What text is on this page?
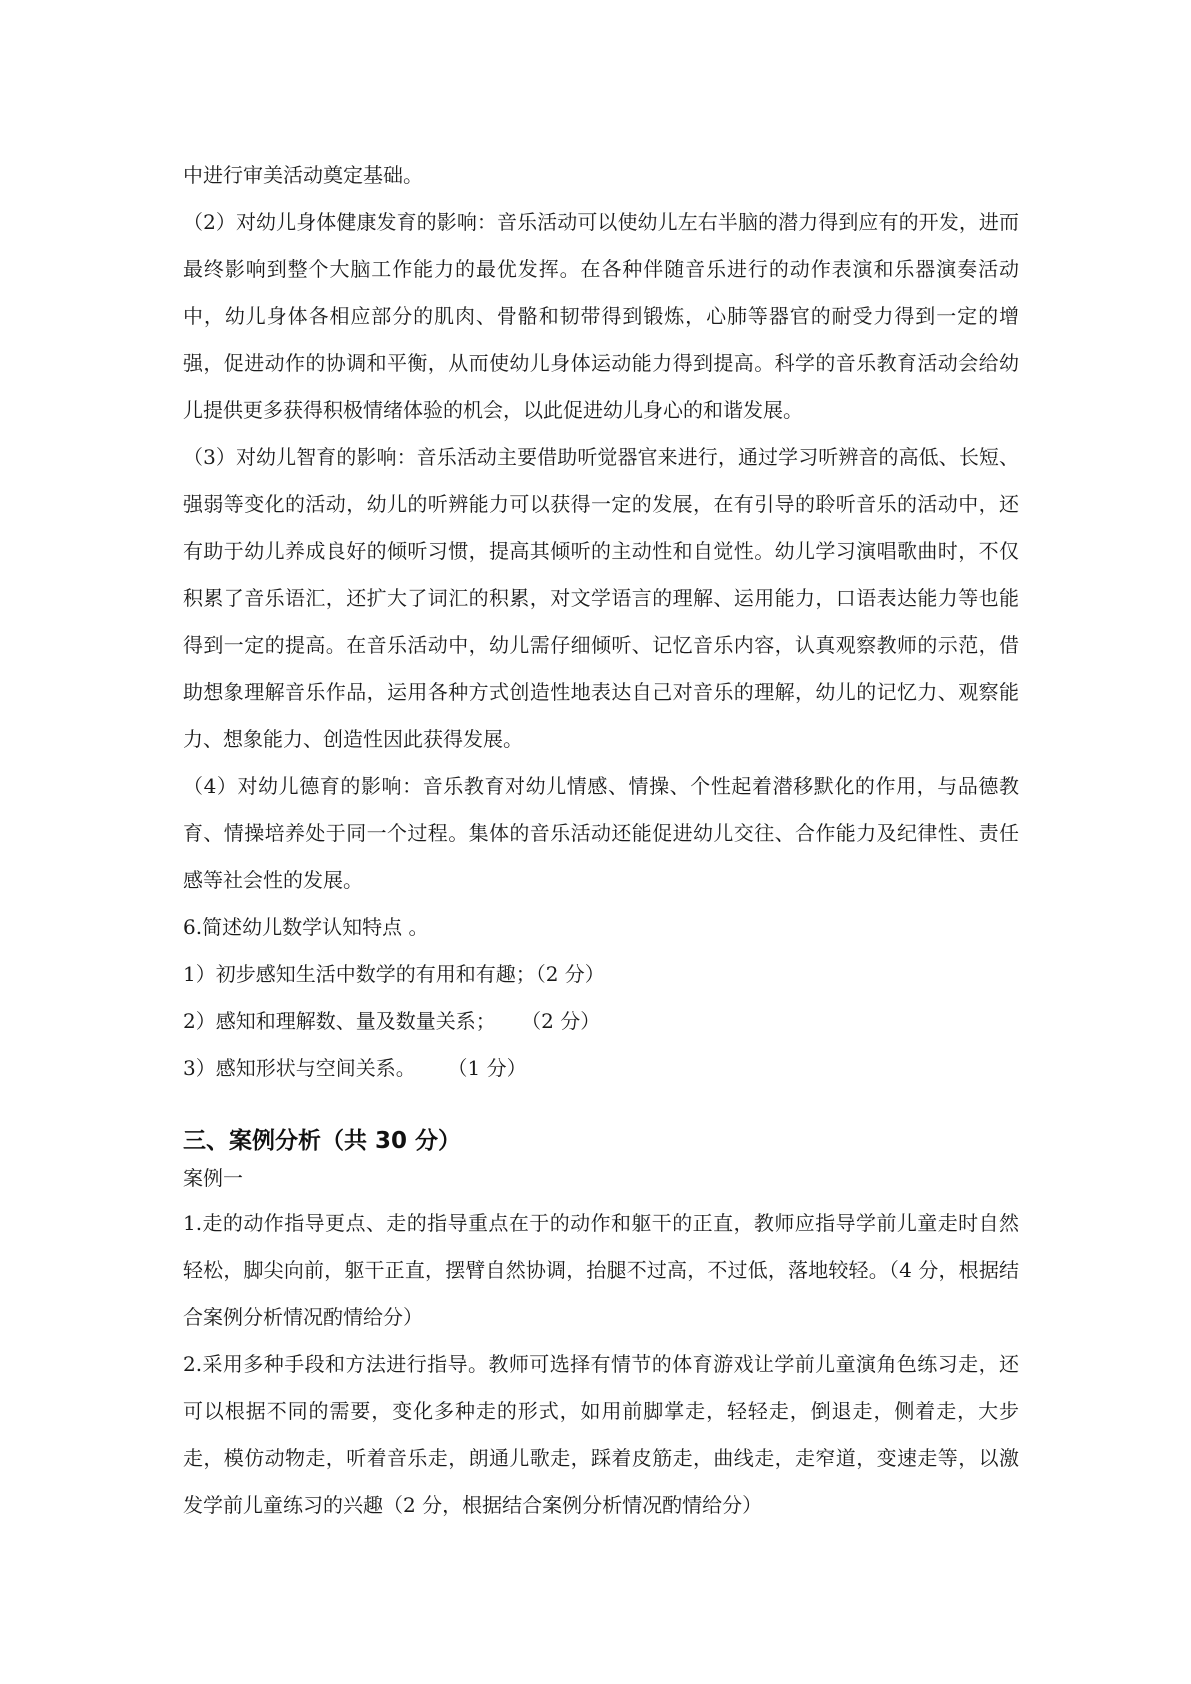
中进行审美活动奠定基础。

（2）对幼儿身体健康发育的影响：音乐活动可以使幼儿左右半脑的潜力得到应有的开发，进而最终影响到整个大脑工作能力的最优发挥。在各种伴随音乐进行的动作表演和乐器演奏活动中，幼儿身体各相应部分的肌肉、骨骼和韧带得到锻炼，心肺等器官的耐受力得到一定的增强，促进动作的协调和平衡，从而使幼儿身体运动能力得到提高。科学的音乐教育活动会给幼儿提供更多获得积极情绪体验的机会，以此促进幼儿身心的和谐发展。

（3）对幼儿智育的影响：音乐活动主要借助听觉器官来进行，通过学习听辨音的高低、长短、强弱等变化的活动，幼儿的听辨能力可以获得一定的发展，在有引导的聆听音乐的活动中，还有助于幼儿养成良好的倾听习惯，提高其倾听的主动性和自觉性。幼儿学习演唱歌曲时，不仅积累了音乐语汇，还扩大了词汇的积累，对文学语言的理解、运用能力，口语表达能力等也能得到一定的提高。在音乐活动中，幼儿需仔细倾听、记忆音乐内容，认真观察教师的示范，借助想象理解音乐作品，运用各种方式创造性地表达自己对音乐的理解，幼儿的记忆力、观察能力、想象能力、创造性因此获得发展。

（4）对幼儿德育的影响：音乐教育对幼儿情感、情操、个性起着潜移默化的作用，与品德教育、情操培养处于同一个过程。集体的音乐活动还能促进幼儿交往、合作能力及纪律性、责任感等社会性的发展。

6.简述幼儿数学认知特点 。

1）初步感知生活中数学的有用和有趣；（2 分）

2）感知和理解数、量及数量关系；    （2 分）

3）感知形状与空间关系。     （1 分）

三、案例分析（共 30 分）

案例一

1.走的动作指导更点、走的指导重点在于的动作和躯干的正直，教师应指导学前儿童走时自然轻松，脚尖向前，躯干正直，摆臂自然协调，抬腿不过高，不过低，落地较轻。（4 分，根据结合案例分析情况酌情给分）

2.采用多种手段和方法进行指导。教师可选择有情节的体育游戏让学前儿童演角色练习走，还可以根据不同的需要，变化多种走的形式，如用前脚掌走，轻轻走，倒退走，侧着走，大步走，模仿动物走，听着音乐走，朗通儿歌走，踩着皮筋走，曲线走，走窄道，变速走等，以激发学前儿童练习的兴趣（2 分，根据结合案例分析情况酌情给分）
